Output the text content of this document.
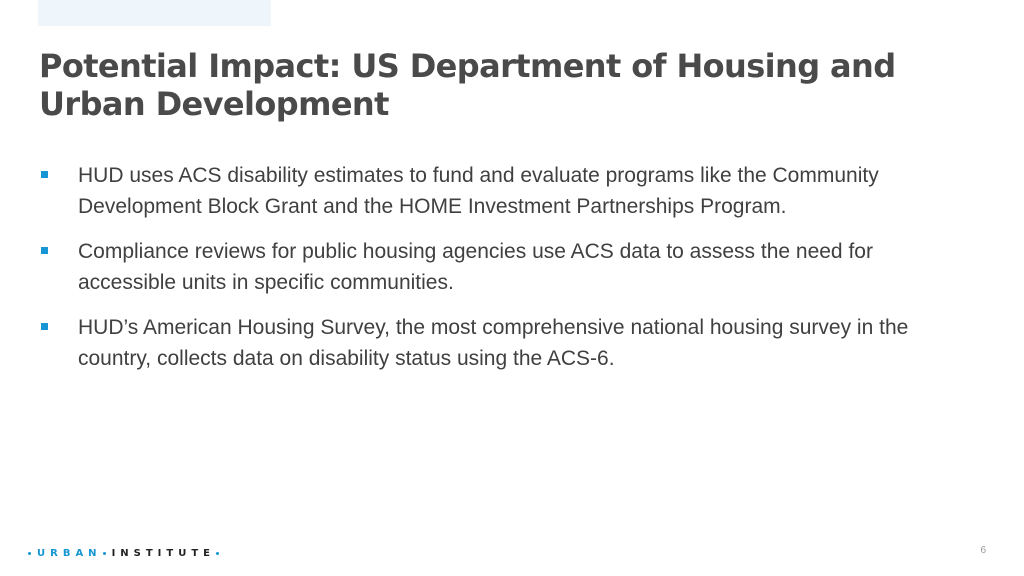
Potential Impact: US Department of Housing and Urban Development
HUD uses ACS disability estimates to fund and evaluate programs like the Community Development Block Grant and the HOME Investment Partnerships Program.
Compliance reviews for public housing agencies use ACS data to assess the need for accessible units in specific communities.
HUD’s American Housing Survey, the most comprehensive national housing survey in the country, collects data on disability status using the ACS-6.
URBAN INSTITUTE	6
